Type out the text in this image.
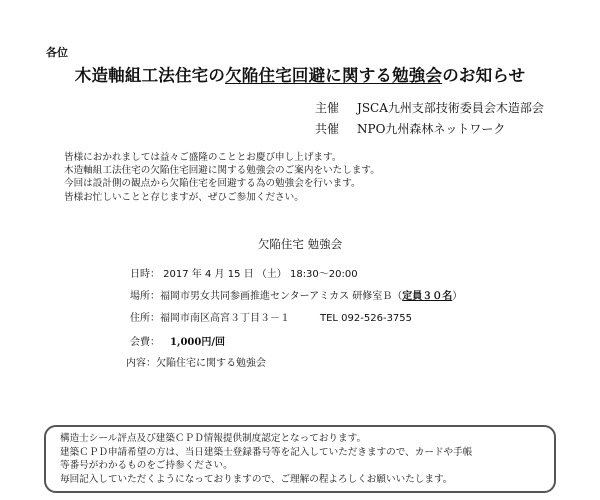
各位
木造軸組工法住宅の欠陥住宅回避に関する勉強会のお知らせ
主催 JSCA九州支部技術委員会木造部会
共催 NPO九州森林ネットワーク
皆様におかれましては益々ご盛隆のこととお慶び申し上げます。
木造軸組工法住宅の欠陥住宅回避に関する勉強会のご案内をいたします。
今回は設計側の観点から欠陥住宅を回避する為の勉強会を行います。
皆様お忙しいことと存じますが、ぜひご参加ください。
欠陥住宅 勉強会
日時： 2017 年 4 月 15 日 （土） 18:30～20:00
場所：福岡市男女共同参画推進センターアミカス 研修室Ｂ（定員３０名）
住所：福岡市南区高宮３丁目３－１	TEL 092-526-3755
会費： 1,000円/回
内容：欠陥住宅に関する勉強会
構造士シール評点及び建築ＣＰＤ情報提供制度認定となっております。
建築ＣＰＤ申請希望の方は、当日建築士登録番号等を記入していただきますので、カードや手帳
等番号がわかるものをご持参ください。
毎回記入していただくようになっておりますので、ご理解の程よろしくお願いいたします。
